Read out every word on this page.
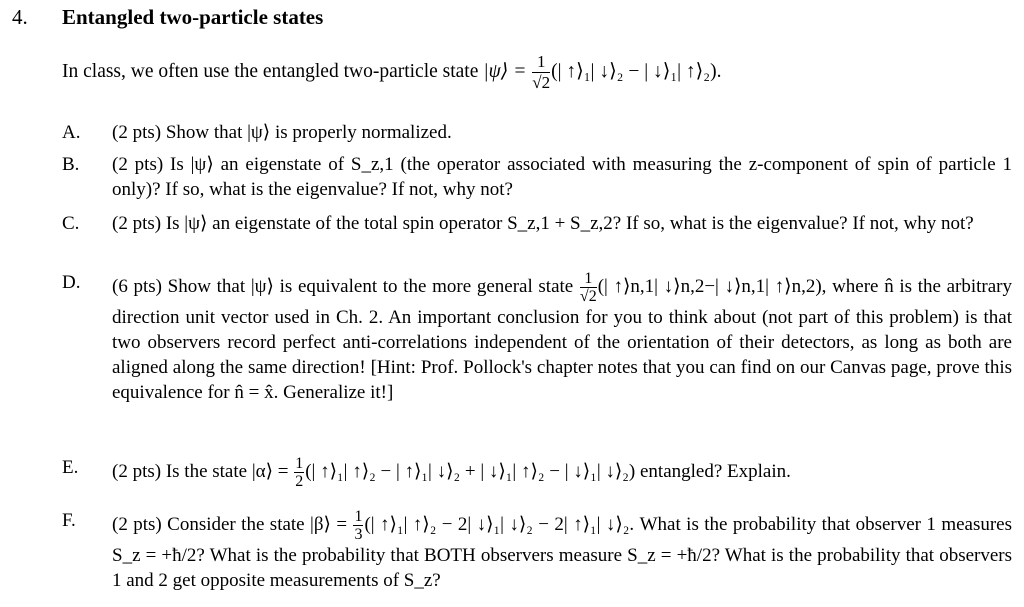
4. Entangled two-particle states
In class, we often use the entangled two-particle state |ψ⟩ = $\frac{1}{√2}$ (| ↑⟩₁| ↓⟩₂ − | ↓⟩₁| ↑⟩₂).
A.	(2 pts) Show that |ψ⟩ is properly normalized.
B.	(2 pts) Is |ψ⟩ an eigenstate of S_z,1 (the operator associated with measuring the z-component of spin of particle 1 only)? If so, what is the eigenvalue? If not, why not?
C.	(2 pts) Is |ψ⟩ an eigenstate of the total spin operator S_z,1 + S_z,2? If so, what is the eigenvalue? If not, why not?
D.	(6 pts) Show that |ψ⟩ is equivalent to the more general state $\frac{1}{√2}$ (| ↑⟩n,1| ↓⟩n,2−| ↓⟩n,1| ↑⟩n,2), where n̂ is the arbitrary direction unit vector used in Ch. 2. An important conclusion for you to think about (not part of this problem) is that two observers record perfect anti-correlations independent of the orientation of their detectors, as long as both are aligned along the same direction! [Hint: Prof. Pollock's chapter notes that you can find on our Canvas page, prove this equivalence for n̂ = x̂. Generalize it!]
E.	(2 pts) Is the state |α⟩ = $\frac{1}{2}$ (| ↑⟩₁| ↑⟩₂ − | ↑⟩₁| ↓⟩₂ + | ↓⟩₁| ↑⟩₂ − | ↓⟩₁| ↓⟩₂) entangled? Explain.
F.	(2 pts) Consider the state |β⟩ = $\frac{1}{3}$ (| ↑⟩₁| ↑⟩₂ − 2| ↓⟩₁| ↓⟩₂ − 2| ↑⟩₁| ↓⟩₂. What is the probability that observer 1 measures S_z = +ħ/2? What is the probability that BOTH observers measure S_z = +ħ/2? What is the probability that observers 1 and 2 get opposite measurements of S_z?
